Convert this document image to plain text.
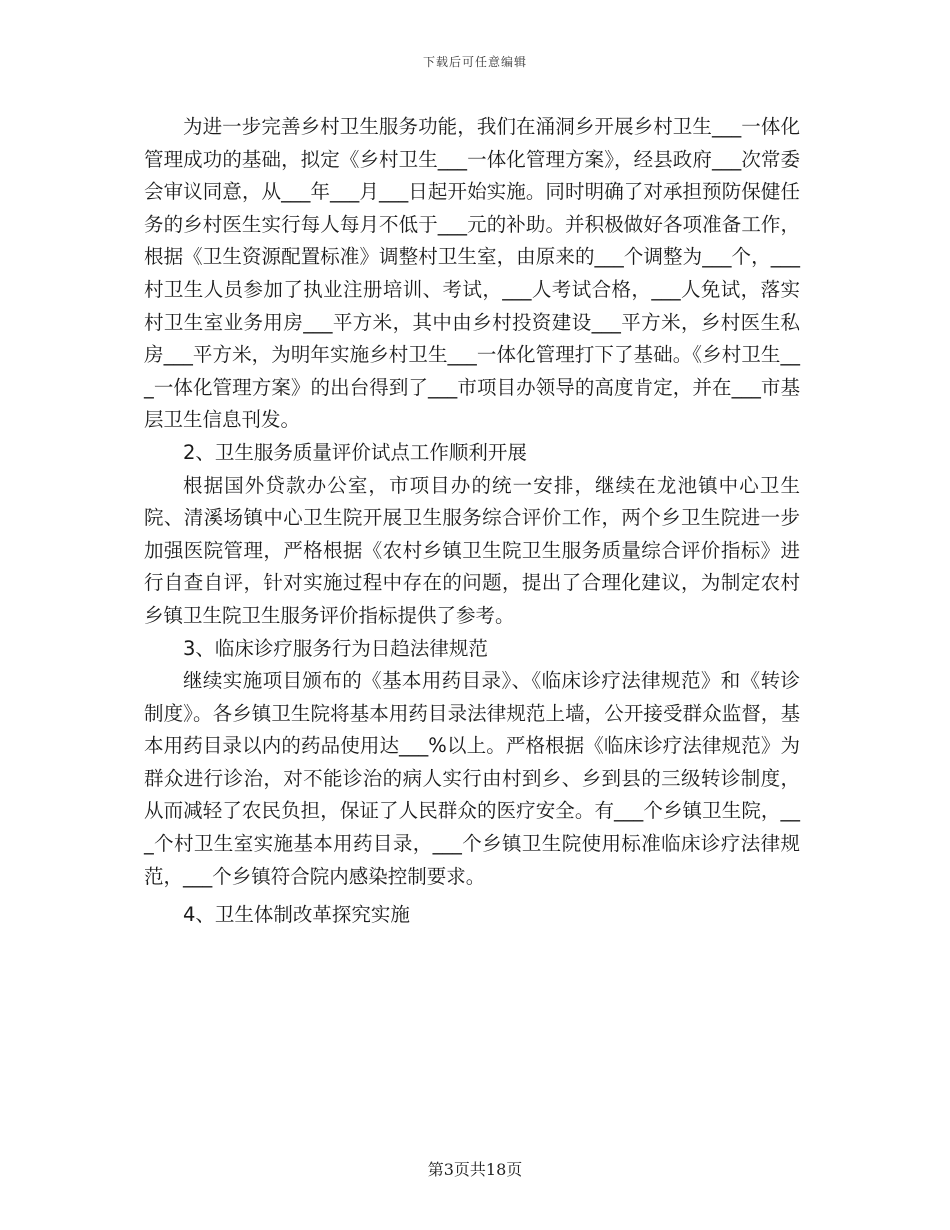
下载后可任意编辑

为进一步完善乡村卫生服务功能，我们在涌洞乡开展乡村卫生___一体化管理成功的基础，拟定《乡村卫生___一体化管理方案》，经县政府___次常委会审议同意，从___年___月___日起开始实施。同时明确了对承担预防保健任务的乡村医生实行每人每月不低于___元的补助。并积极做好各项准备工作，根据《卫生资源配置标准》调整村卫生室，由原来的___个调整为___个，___村卫生人员参加了执业注册培训、考试，___人考试合格，___人免试，落实村卫生室业务用房___平方米，其中由乡村投资建设___平方米，乡村医生私房___平方米，为明年实施乡村卫生___一体化管理打下了基础。《乡村卫生___一体化管理方案》的出台得到了___市项目办领导的高度肯定，并在___市基层卫生信息刊发。

2、卫生服务质量评价试点工作顺利开展

根据国外贷款办公室，市项目办的统一安排，继续在龙池镇中心卫生院、清溪场镇中心卫生院开展卫生服务综合评价工作，两个乡卫生院进一步加强医院管理，严格根据《农村乡镇卫生院卫生服务质量综合评价指标》进行自查自评，针对实施过程中存在的问题，提出了合理化建议，为制定农村乡镇卫生院卫生服务评价指标提供了参考。

3、临床诊疗服务行为日趋法律规范

继续实施项目颁布的《基本用药目录》、《临床诊疗法律规范》和《转诊制度》。各乡镇卫生院将基本用药目录法律规范上墙，公开接受群众监督，基本用药目录以内的药品使用达___%以上。严格根据《临床诊疗法律规范》为群众进行诊治，对不能诊治的病人实行由村到乡、乡到县的三级转诊制度，从而减轻了农民负担，保证了人民群众的医疗安全。有___个乡镇卫生院，___个村卫生室实施基本用药目录，___个乡镇卫生院使用标准临床诊疗法律规范，___个乡镇符合院内感染控制要求。

4、卫生体制改革探究实施

第3页共18页
